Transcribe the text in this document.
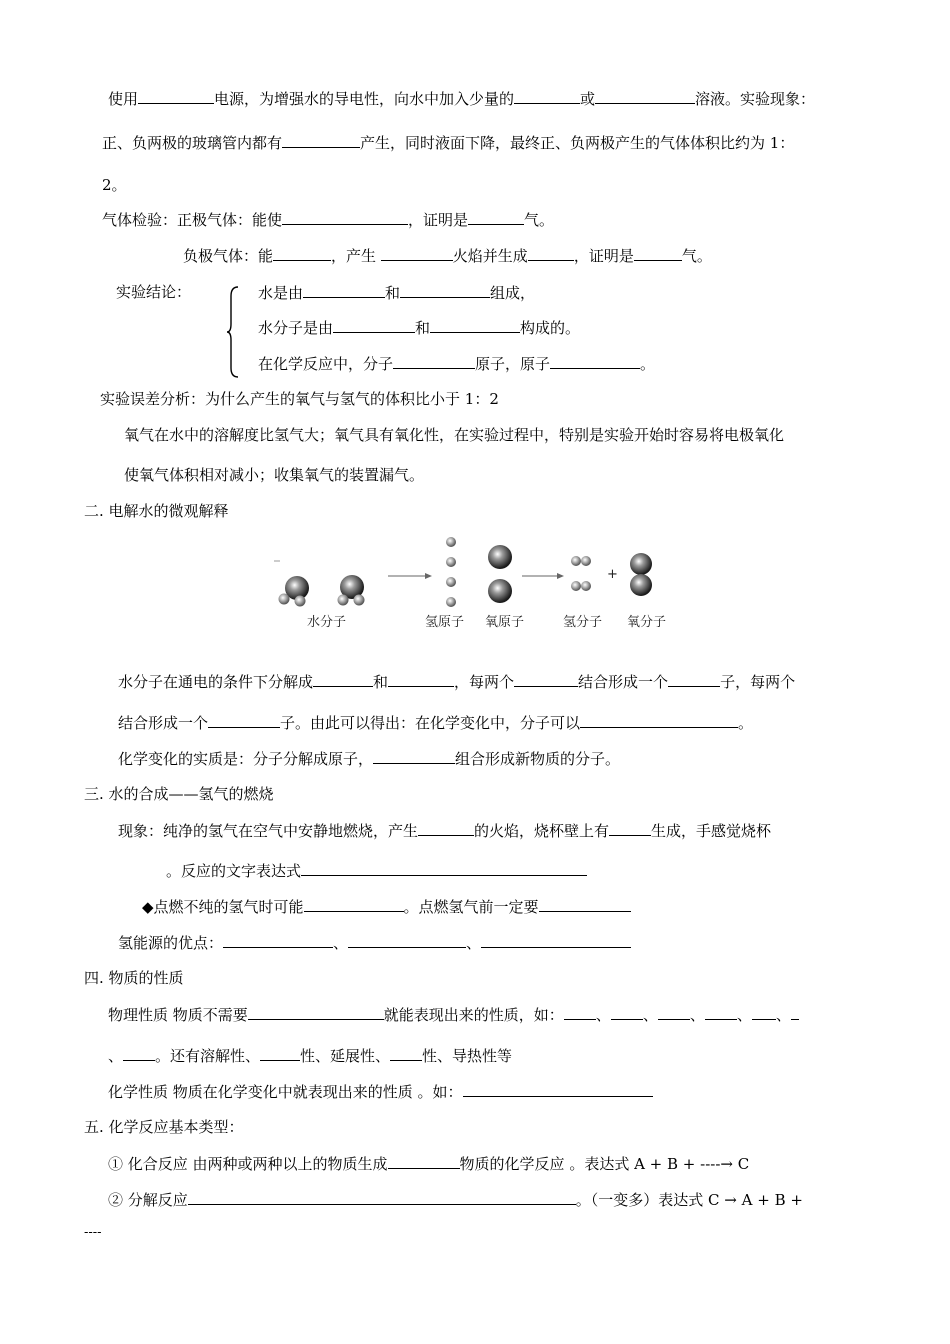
使用	电源，为增强水的导电性，向水中加入少量的	或	溶液。实验现象：
正、负两极的玻璃管内都有	产生，同时液面下降，最终正、负两极产生的气体体积比约为 1：
2。
气体检验：正极气体：能使	，证明是	气。
负极气体：能	，产生	火焰并生成	，证明是	气。
实验结论：	水是由	和	组成，
水分子是由	和	构成的。
在化学反应中，分子	原子，原子	。
实验误差分析：为什么产生的氧气与氢气的体积比小于 1：2
氧气在水中的溶解度比氢气大；氧气具有氧化性，在实验过程中，特别是实验开始时容易将电极氧化
使氧气体积相对减小；收集氧气的装置漏气。
二. 电解水的微观解释
+
水分子	氢原子 氧原子	氢分子 氧分子
水分子在通电的条件下分解成	和	，每两个	结合形成一个	子，每两个
结合形成一个	子。由此可以得出：在化学变化中，分子可以	。
化学变化的实质是：分子分解成原子，	组合形成新物质的分子。
三. 水的合成——氢气的燃烧
现象：纯净的氢气在空气中安静地燃烧，产生	的火焰，烧杯壁上有	生成，手感觉烧杯
。反应的文字表达式
◆点燃不纯的氢气时可能	。点燃氢气前一定要
氢能源的优点：	、	、
四. 物质的性质
物理性质 物质不需要	就能表现出来的性质，如： 、 、 、 、 、
、 。还有溶解性、	性、延展性、 性、导热性等
化学性质 物质在化学变化中就表现出来的性质 。如：
五. 化学反应基本类型：
① 化合反应 由两种或两种以上的物质生成	物质的化学反应 。表达式 A + B + ----→ C
② 分解反应	。（一变多）表达式 C → A + B +
----
